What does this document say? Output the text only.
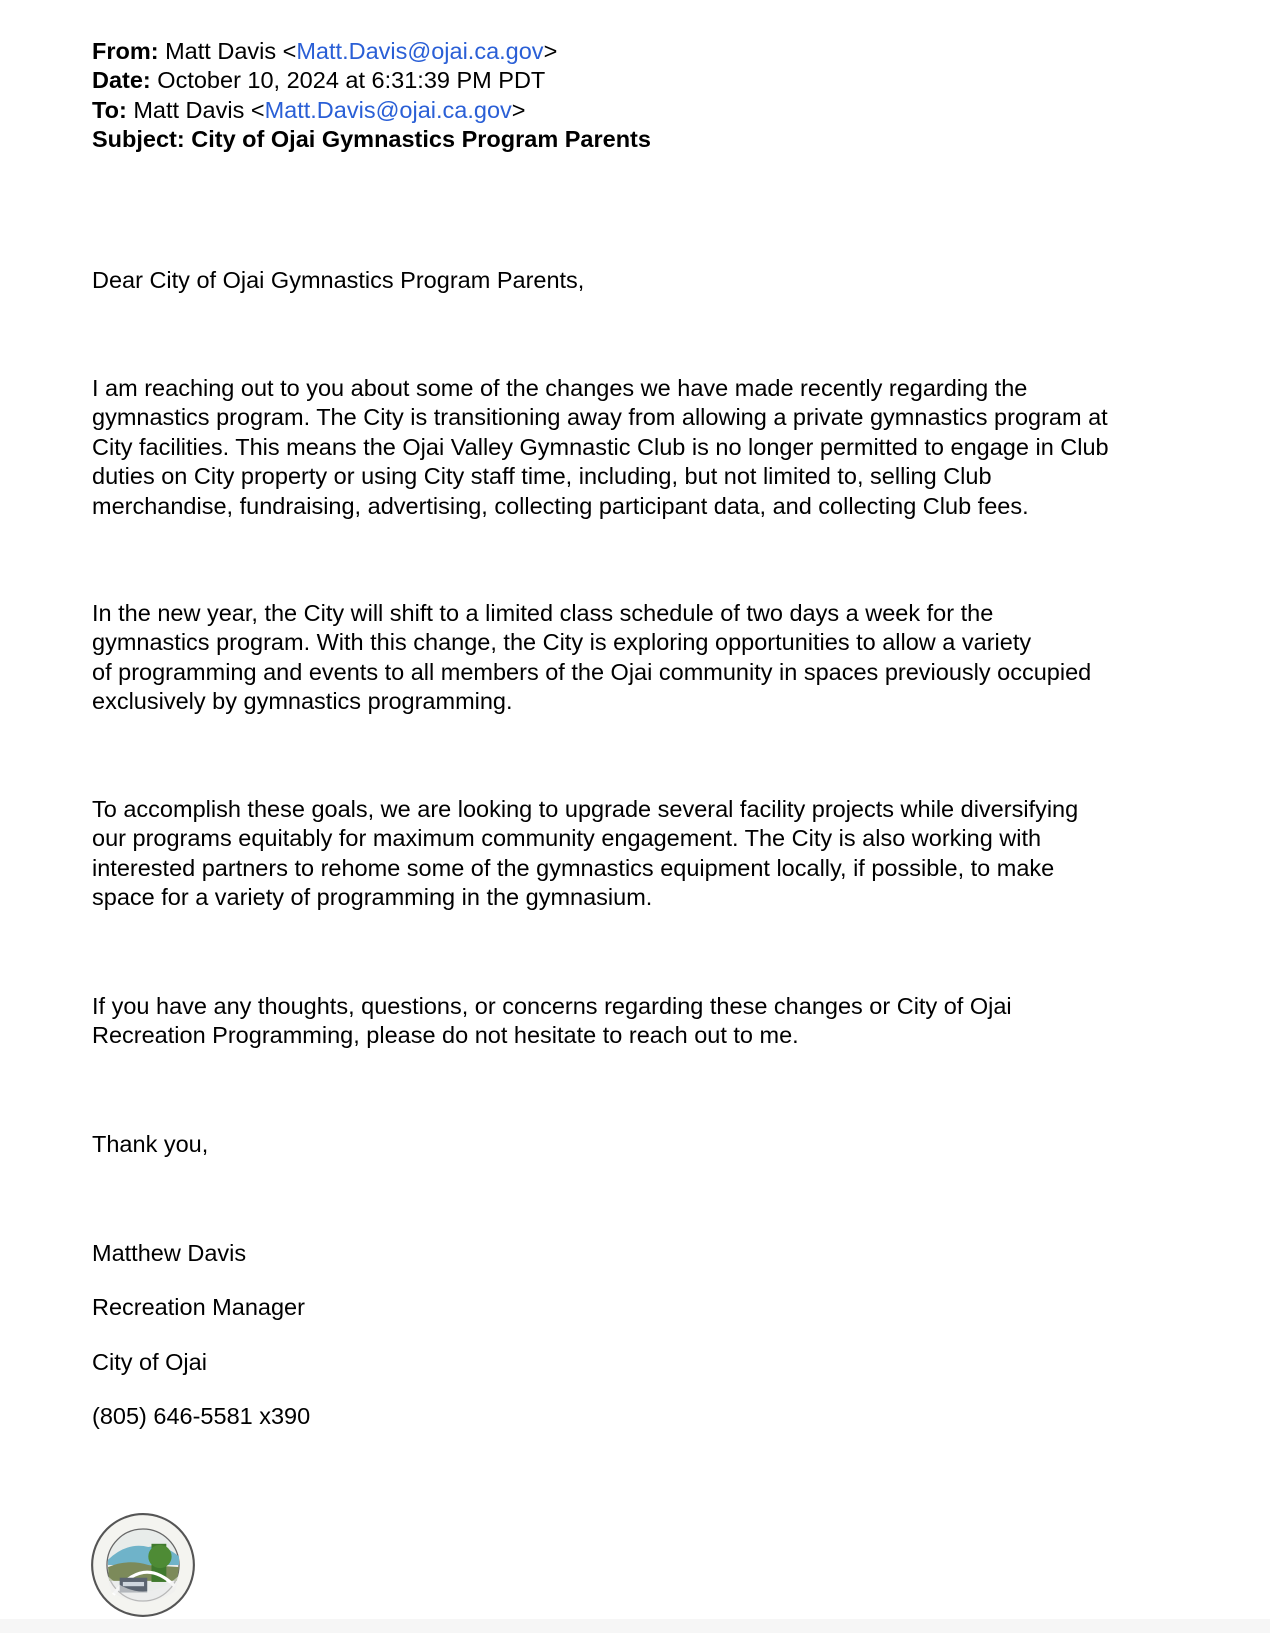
From: Matt Davis <Matt.Davis@ojai.ca.gov>
Date: October 10, 2024 at 6:31:39 PM PDT
To: Matt Davis <Matt.Davis@ojai.ca.gov>
Subject: City of Ojai Gymnastics Program Parents
Dear City of Ojai Gymnastics Program Parents,
I am reaching out to you about some of the changes we have made recently regarding the
gymnastics program. The City is transitioning away from allowing a private gymnastics program at
City facilities. This means the Ojai Valley Gymnastic Club is no longer permitted to engage in Club
duties on City property or using City staff time, including, but not limited to, selling Club
merchandise, fundraising, advertising, collecting participant data, and collecting Club fees.
In the new year, the City will shift to a limited class schedule of two days a week for the
gymnastics program. With this change, the City is exploring opportunities to allow a variety
of programming and events to all members of the Ojai community in spaces previously occupied
exclusively by gymnastics programming.
To accomplish these goals, we are looking to upgrade several facility projects while diversifying
our programs equitably for maximum community engagement. The City is also working with
interested partners to rehome some of the gymnastics equipment locally, if possible, to make
space for a variety of programming in the gymnasium.
If you have any thoughts, questions, or concerns regarding these changes or City of Ojai
Recreation Programming, please do not hesitate to reach out to me.
Thank you,
Matthew Davis
Recreation Manager
City of Ojai
(805) 646-5581 x390
